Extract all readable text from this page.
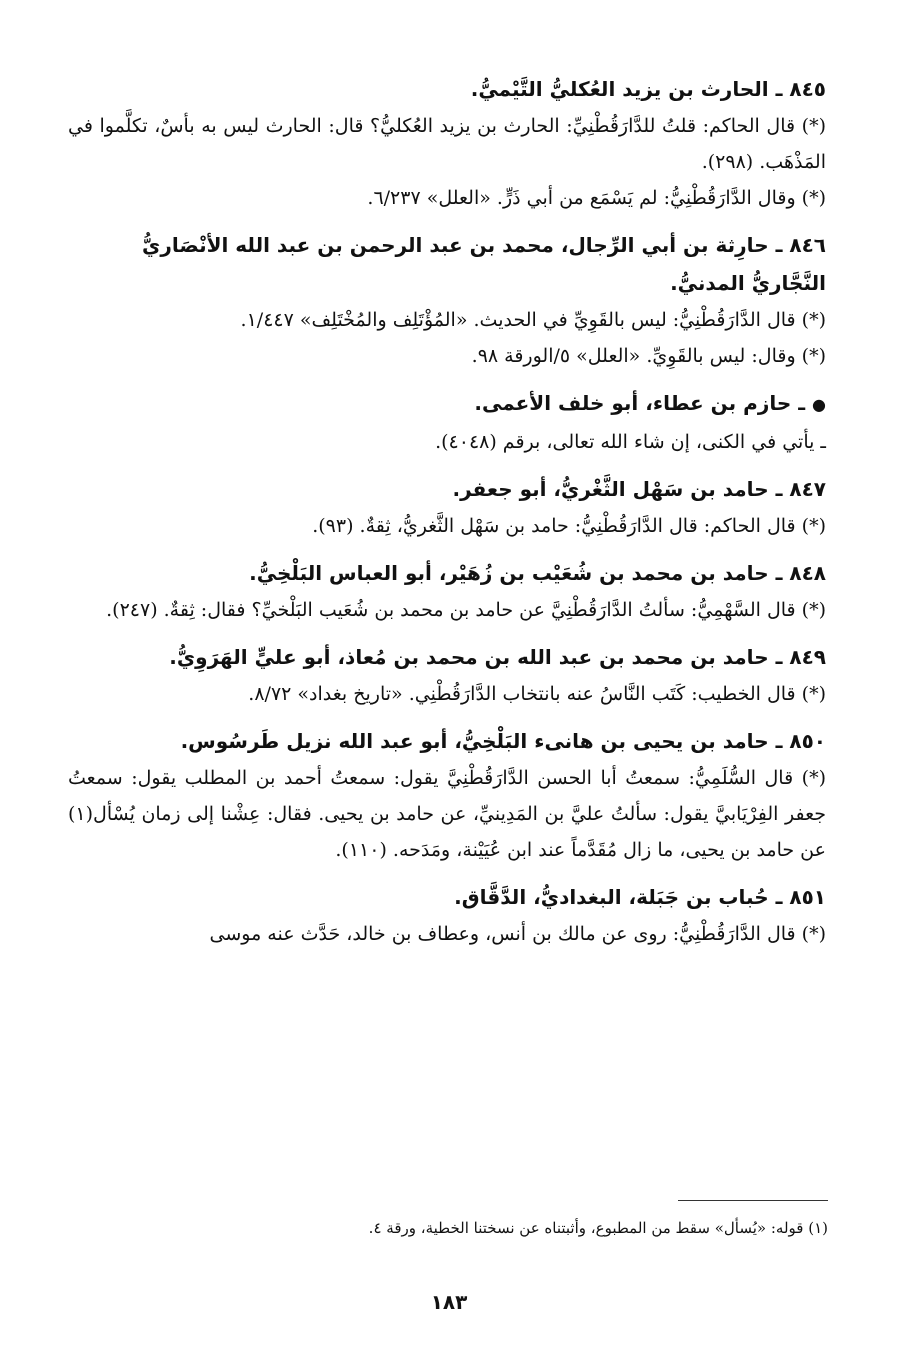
٨٤٥ ـ الحارث بن يزيد العُكليُّ التَّيْميُّ.

(*) قال الحاكم: قلتُ للدَّارَقُطْنِيِّ: الحارث بن يزيد العُكليُّ؟ قال: الحارث ليس به بأسٌ، تكلَّموا في المَذْهَب. (٢٩٨).

(*) وقال الدَّارَقُطْنِيُّ: لم يَسْمَع من أبي ذَرٍّ. «العلل» ٦/٢٣٧.

٨٤٦ ـ حارِثة بن أبي الرِّجال، محمد بن عبد الرحمن بن عبد الله الأنْصَاريُّ النَّجَّاريُّ المدنيُّ.

(*) قال الدَّارَقُطْنِيُّ: ليس بالقَوِيِّ في الحديث. «المُؤْتَلِف والمُخْتَلِف» ١/٤٤٧.

(*) وقال: ليس بالقَوِيِّ. «العلل» ٥/الورقة ٩٨.

● ـ حازم بن عطاء، أبو خلف الأعمى.

ـ يأتي في الكنى، إن شاء الله تعالى، برقم (٤٠٤٨).

٨٤٧ ـ حامد بن سَهْل الثَّغْريُّ، أبو جعفر.

(*) قال الحاكم: قال الدَّارَقُطْنِيُّ: حامد بن سَهْل الثَّغريُّ، ثِقةٌ. (٩٣).

٨٤٨ ـ حامد بن محمد بن شُعَيْب بن زُهَيْر، أبو العباس البَلْخِيُّ.

(*) قال السَّهْمِيُّ: سألتُ الدَّارَقُطْنِيَّ عن حامد بن محمد بن شُعَيب البَلْخيِّ؟ فقال: ثِقةٌ. (٢٤٧).

٨٤٩ ـ حامد بن محمد بن عبد الله بن محمد بن مُعاذ، أبو عليٍّ الهَرَوِيُّ.

(*) قال الخطيب: كَتَب النَّاسُ عنه بانتخاب الدَّارَقُطْنِي. «تاريخ بغداد» ٨/٧٢.

٨٥٠ ـ حامد بن يحيى بن هانىء البَلْخِيُّ، أبو عبد الله نزيل طَرسُوس.

(*) قال السُّلَمِيُّ: سمعتُ أبا الحسن الدَّارَقُطْنِيَّ يقول: سمعتُ أحمد بن المطلب يقول: سمعتُ جعفر الفِرْيَابيَّ يقول: سألتُ عليَّ بن المَدِينيِّ، عن حامد بن يحيى. فقال: عِشْنا إلى زمان يُسْأل(١) عن حامد بن يحيى، ما زال مُقَدَّماً عند ابن عُيَيْنة، ومَدَحه. (١١٠).

٨٥١ ـ حُباب بن جَبَلة، البغداديُّ، الدَّقَّاق.

(*) قال الدَّارَقُطْنِيُّ: روى عن مالك بن أنس، وعطاف بن خالد، حَدَّث عنه موسى

(١) قوله: «يُسأل» سقط من المطبوع، وأثبتناه عن نسختنا الخطية، ورقة ٤.
١٨٣
